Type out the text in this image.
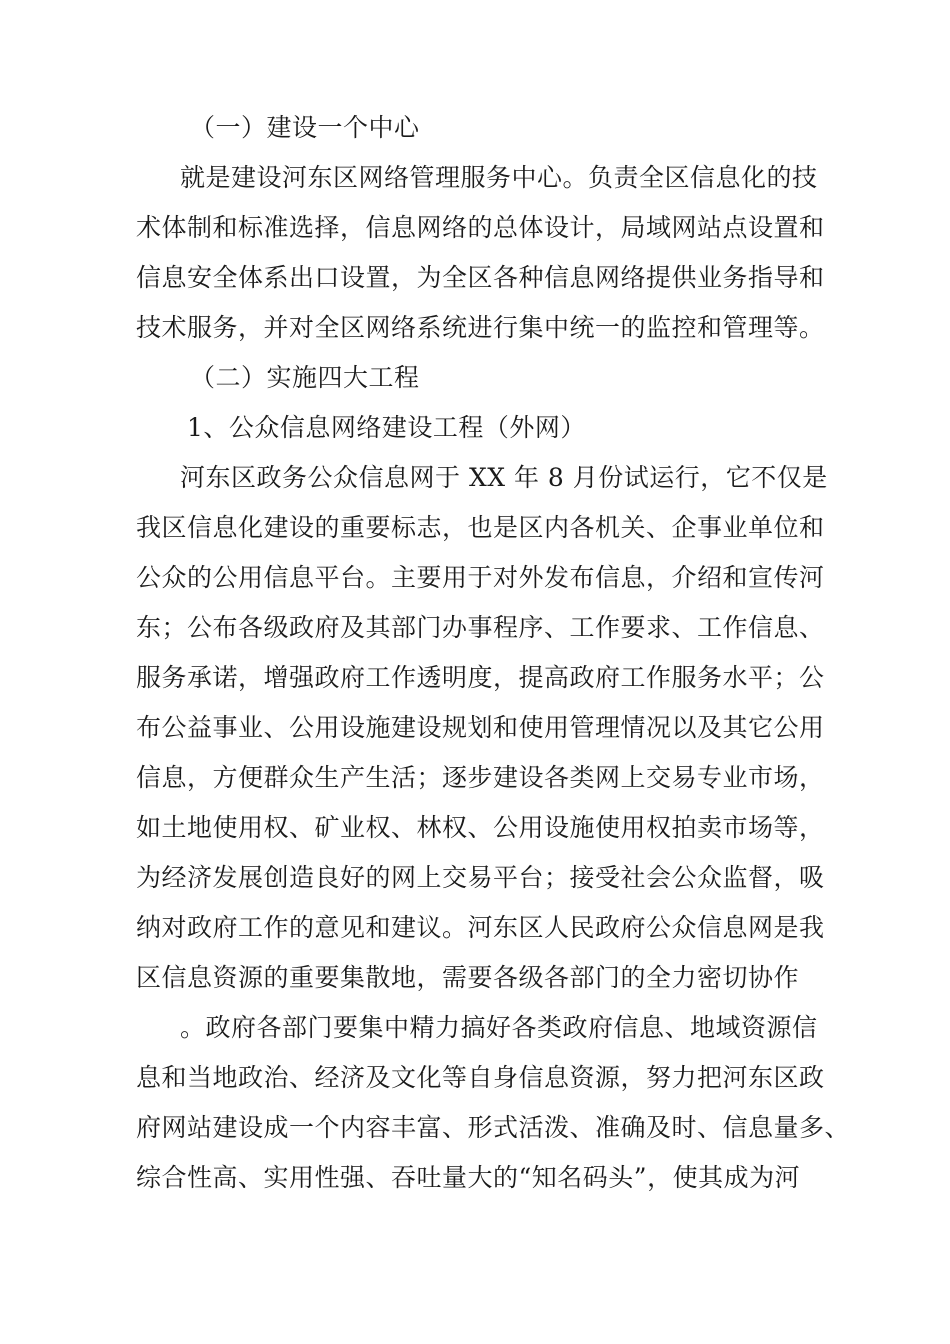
（一）建设一个中心
就是建设河东区网络管理服务中心。负责全区信息化的技
术体制和标准选择，信息网络的总体设计，局域网站点设置和
信息安全体系出口设置，为全区各种信息网络提供业务指导和
技术服务，并对全区网络系统进行集中统一的监控和管理等。
（二）实施四大工程
1、公众信息网络建设工程（外网）
河东区政务公众信息网于 XX 年 8 月份试运行，它不仅是
我区信息化建设的重要标志，也是区内各机关、企事业单位和
公众的公用信息平台。主要用于对外发布信息，介绍和宣传河
东；公布各级政府及其部门办事程序、工作要求、工作信息、
服务承诺，增强政府工作透明度，提高政府工作服务水平；公
布公益事业、公用设施建设规划和使用管理情况以及其它公用
信息，方便群众生产生活；逐步建设各类网上交易专业市场，
如土地使用权、矿业权、林权、公用设施使用权拍卖市场等，
为经济发展创造良好的网上交易平台；接受社会公众监督，吸
纳对政府工作的意见和建议。河东区人民政府公众信息网是我
区信息资源的重要集散地，需要各级各部门的全力密切协作
。政府各部门要集中精力搞好各类政府信息、地域资源信
息和当地政治、经济及文化等自身信息资源，努力把河东区政
府网站建设成一个内容丰富、形式活泼、准确及时、信息量多、
综合性高、实用性强、吞吐量大的“知名码头”，使其成为河
